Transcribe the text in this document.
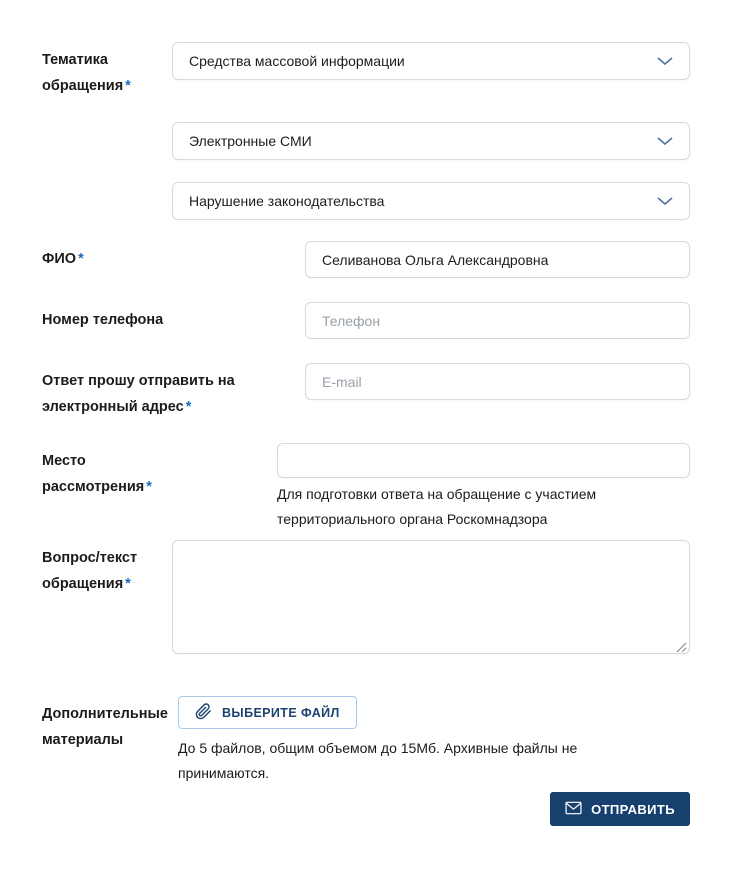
Тематика обращения *
Средства массовой информации
Электронные СМИ
Нарушение законодательства
ФИО *
Селиванова Ольга Александровна
Номер телефона
Телефон
Ответ прошу отправить на электронный адрес *
E-mail
Место рассмотрения *	Для подготовки ответа на обращение с участием территориального органа Роскомнадзора
Вопрос/текст обращения *
Дополнительные материалы
ВЫБЕРИТЕ ФАЙЛ
До 5 файлов, общим объемом до 15Мб. Архивные файлы не принимаются.
ОТПРАВИТЬ
